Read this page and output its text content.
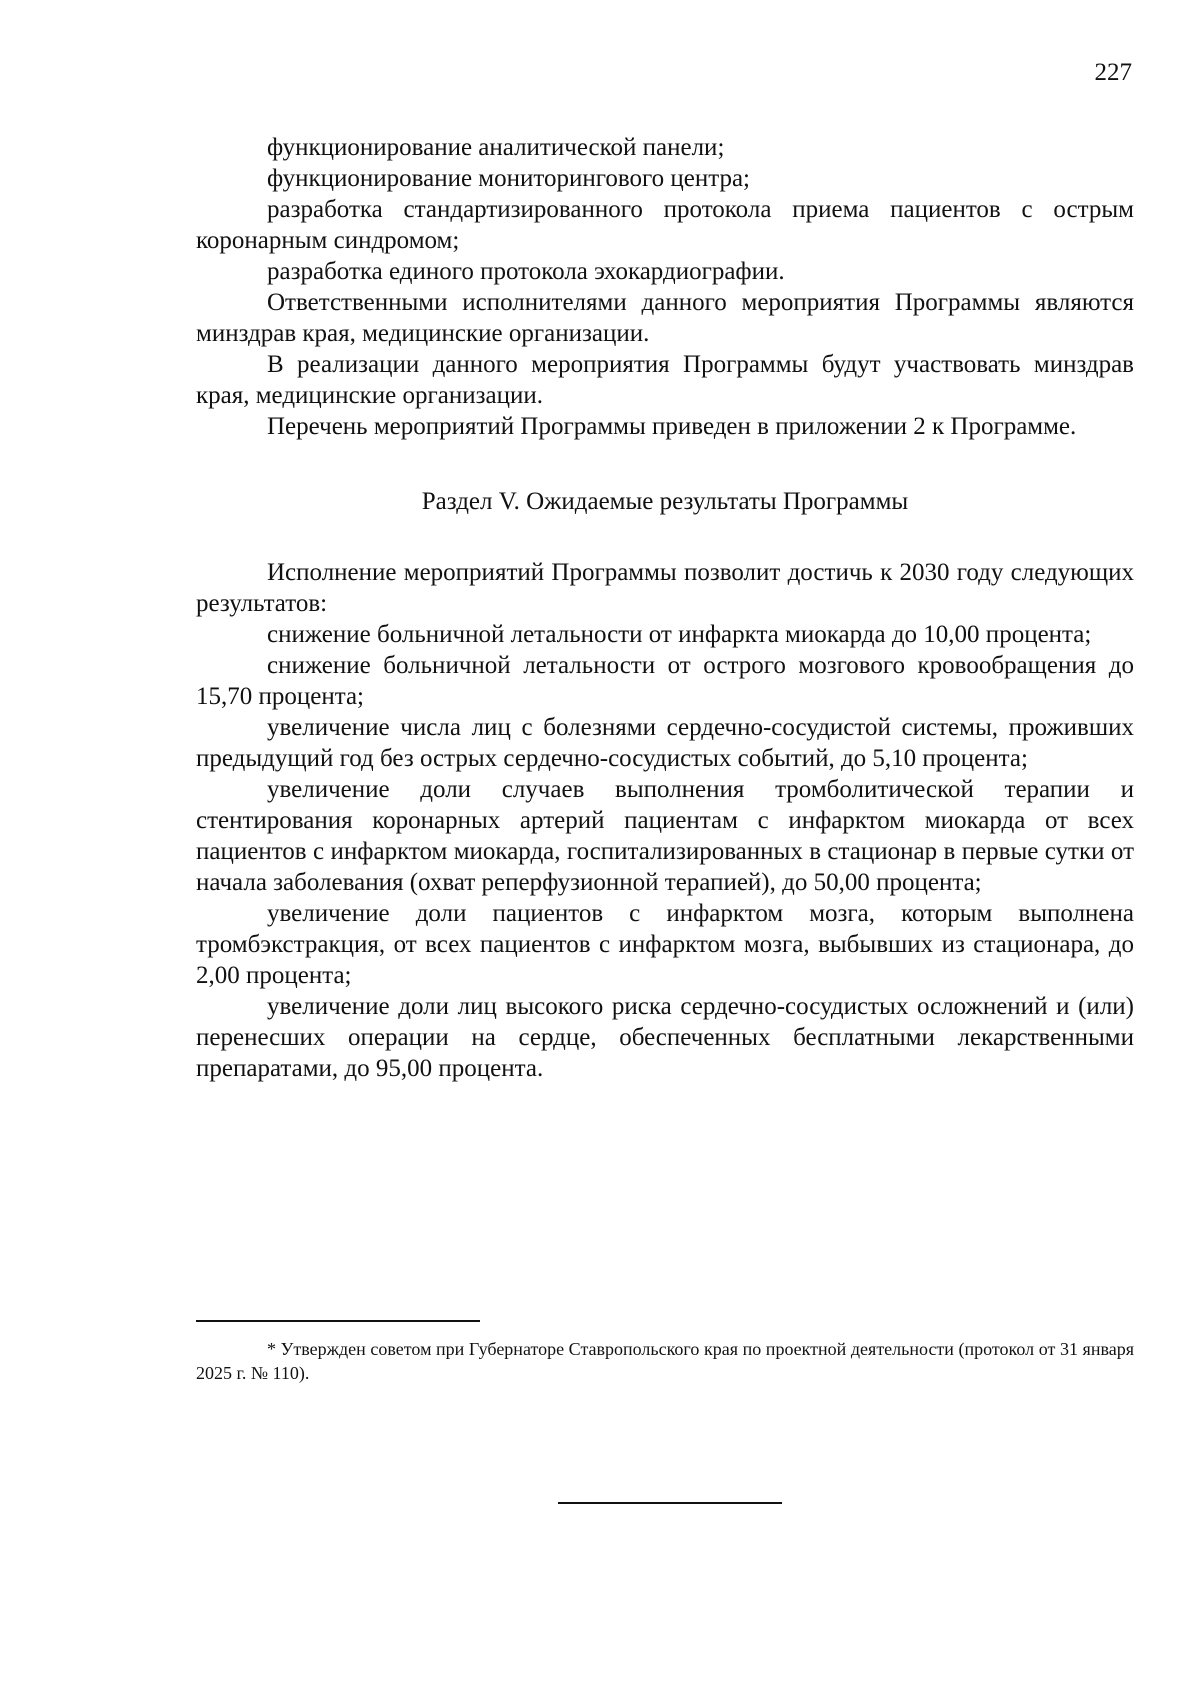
227

функционирование аналитической панели;

функционирование мониторингового центра;

разработка стандартизированного протокола приема пациентов с острым коронарным синдромом;

разработка единого протокола эхокардиографии.

Ответственными исполнителями данного мероприятия Программы являются минздрав края, медицинские организации.

В реализации данного мероприятия Программы будут участвовать минздрав края, медицинские организации.

Перечень мероприятий Программы приведен в приложении 2 к Программе.

Раздел V. Ожидаемые результаты Программы

Исполнение мероприятий Программы позволит достичь к 2030 году следующих результатов:

снижение больничной летальности от инфаркта миокарда до 10,00 процента;

снижение больничной летальности от острого мозгового кровообращения до 15,70 процента;

увеличение числа лиц с болезнями сердечно-сосудистой системы, проживших предыдущий год без острых сердечно-сосудистых событий, до 5,10 процента;

увеличение доли случаев выполнения тромболитической терапии и стентирования коронарных артерий пациентам с инфарктом миокарда от всех пациентов с инфарктом миокарда, госпитализированных в стационар в первые сутки от начала заболевания (охват реперфузионной терапией), до 50,00 процента;

увеличение доли пациентов с инфарктом мозга, которым выполнена тромбэкстракция, от всех пациентов с инфарктом мозга, выбывших из стационара, до 2,00 процента;

увеличение доли лиц высокого риска сердечно-сосудистых осложнений и (или) перенесших операции на сердце, обеспеченных бесплатными лекарственными препаратами, до 95,00 процента.

* Утвержден советом при Губернаторе Ставропольского края по проектной деятельности (протокол от 31 января 2025 г. № 110).
